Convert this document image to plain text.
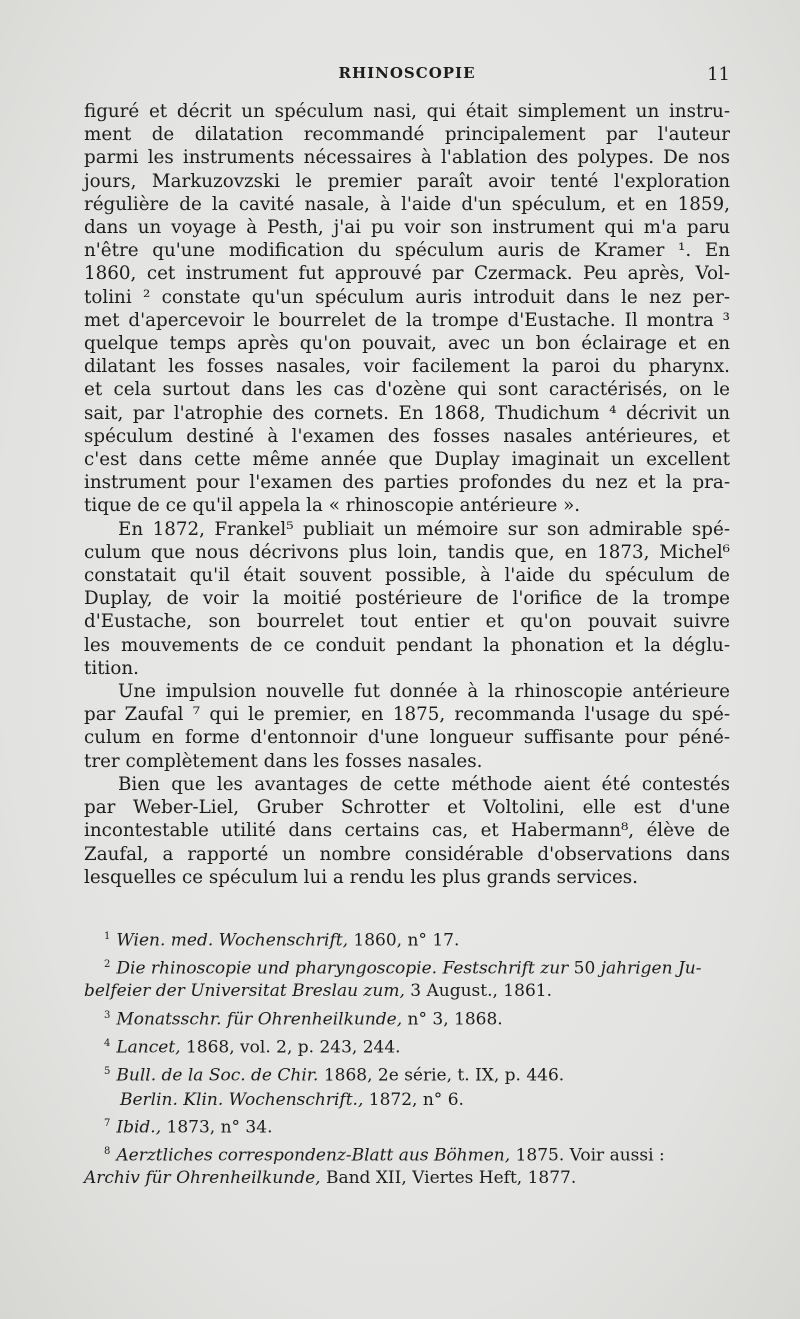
RHINOSCOPIE	11
figuré et décrit un spéculum nasi, qui était simplement un instru-
ment de dilatation recommandé principalement par l'auteur
parmi les instruments nécessaires à l'ablation des polypes. De nos
jours, Markuzovzski le premier paraît avoir tenté l'exploration
régulière de la cavité nasale, à l'aide d'un spéculum, et en 1859,
dans un voyage à Pesth, j'ai pu voir son instrument qui m'a paru
n'être qu'une modification du spéculum auris de Kramer ¹. En
1860, cet instrument fut approuvé par Czermack. Peu après, Vol-
tolini ² constate qu'un spéculum auris introduit dans le nez per-
met d'apercevoir le bourrelet de la trompe d'Eustache. Il montra ³
quelque temps après qu'on pouvait, avec un bon éclairage et en
dilatant les fosses nasales, voir facilement la paroi du pharynx.
et cela surtout dans les cas d'ozène qui sont caractérisés, on le
sait, par l'atrophie des cornets. En 1868, Thudichum ⁴ décrivit un
spéculum destiné à l'examen des fosses nasales antérieures, et
c'est dans cette même année que Duplay imaginait un excellent
instrument pour l'examen des parties profondes du nez et la pra-
tique de ce qu'il appela la « rhinoscopie antérieure ».
En 1872, Frankel⁵ publiait un mémoire sur son admirable spé-
culum que nous décrivons plus loin, tandis que, en 1873, Michel⁶
constatait qu'il était souvent possible, à l'aide du spéculum de
Duplay, de voir la moitié postérieure de l'orifice de la trompe
d'Eustache, son bourrelet tout entier et qu'on pouvait suivre
les mouvements de ce conduit pendant la phonation et la déglu-
tition.
Une impulsion nouvelle fut donnée à la rhinoscopie antérieure
par Zaufal ⁷ qui le premier, en 1875, recommanda l'usage du spé-
culum en forme d'entonnoir d'une longueur suffisante pour péné-
trer complètement dans les fosses nasales.
Bien que les avantages de cette méthode aient été contestés
par Weber-Liel, Gruber Schrotter et Voltolini, elle est d'une
incontestable utilité dans certains cas, et Habermann⁸, élève de
Zaufal, a rapporté un nombre considérable d'observations dans
lesquelles ce spéculum lui a rendu les plus grands services.
$^1$ Wien. med. Wochenschrift, 1860, n° 17.
$^2$ Die rhinoscopie und pharyngoscopie. Festschrift zur 50 jahrigen Ju-
belfeier der Universitat Breslau zum, 3 August., 1861.
$^3$ Monatsschr. für Ohrenheilkunde, n° 3, 1868.
$^4$ Lancet, 1868, vol. 2, p. 243, 244.
$^5$ Bull. de la Soc. de Chir. 1868, 2e série, t. IX, p. 446.
Berlin. Klin. Wochenschrift., 1872, n° 6.
$^7$ Ibid., 1873, n° 34.
$^8$ Aerztliches correspondenz-Blatt aus Böhmen, 1875. Voir aussi :
Archiv für Ohrenheilkunde, Band XII, Viertes Heft, 1877.
